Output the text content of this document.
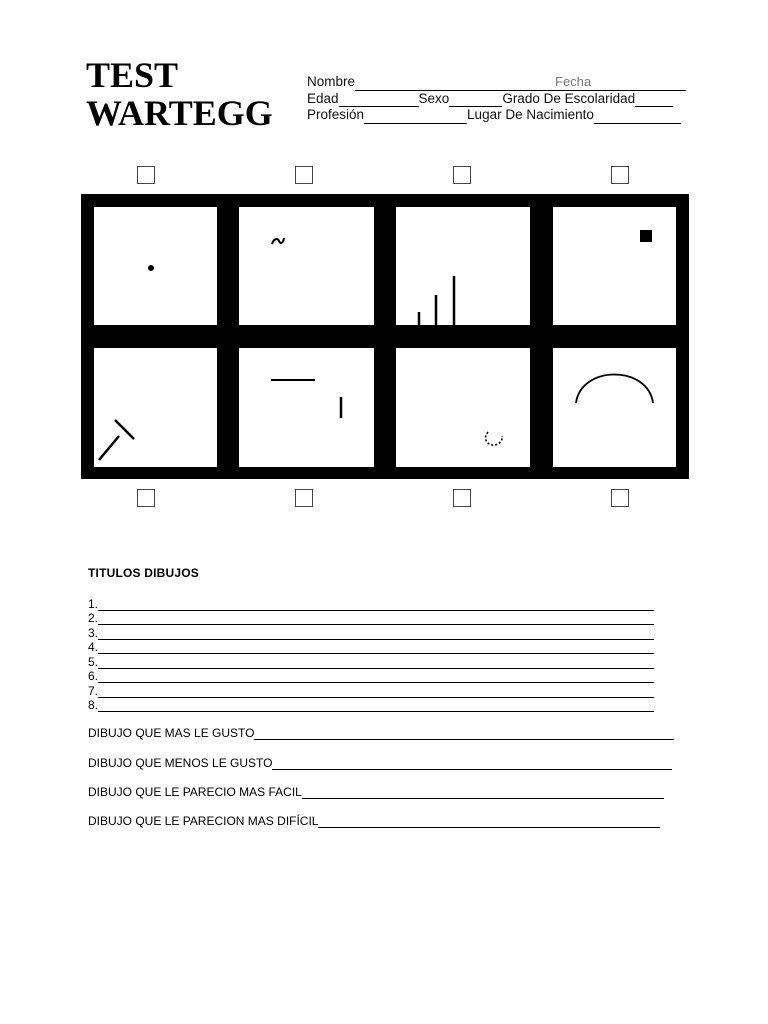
TEST
WARTEGG
Nombre	Fecha
Edad	Sexo	Grado De Escolaridad
Profesión	Lugar De Nacimiento
TITULOS DIBUJOS
1.
2.
3.
4.
5.
6.
7.
8.
DIBUJO QUE MAS LE GUSTO
DIBUJO QUE MENOS LE GUSTO
DIBUJO QUE LE PARECIO MAS FACIL
DIBUJO QUE LE PARECION MAS DIFÍCIL
